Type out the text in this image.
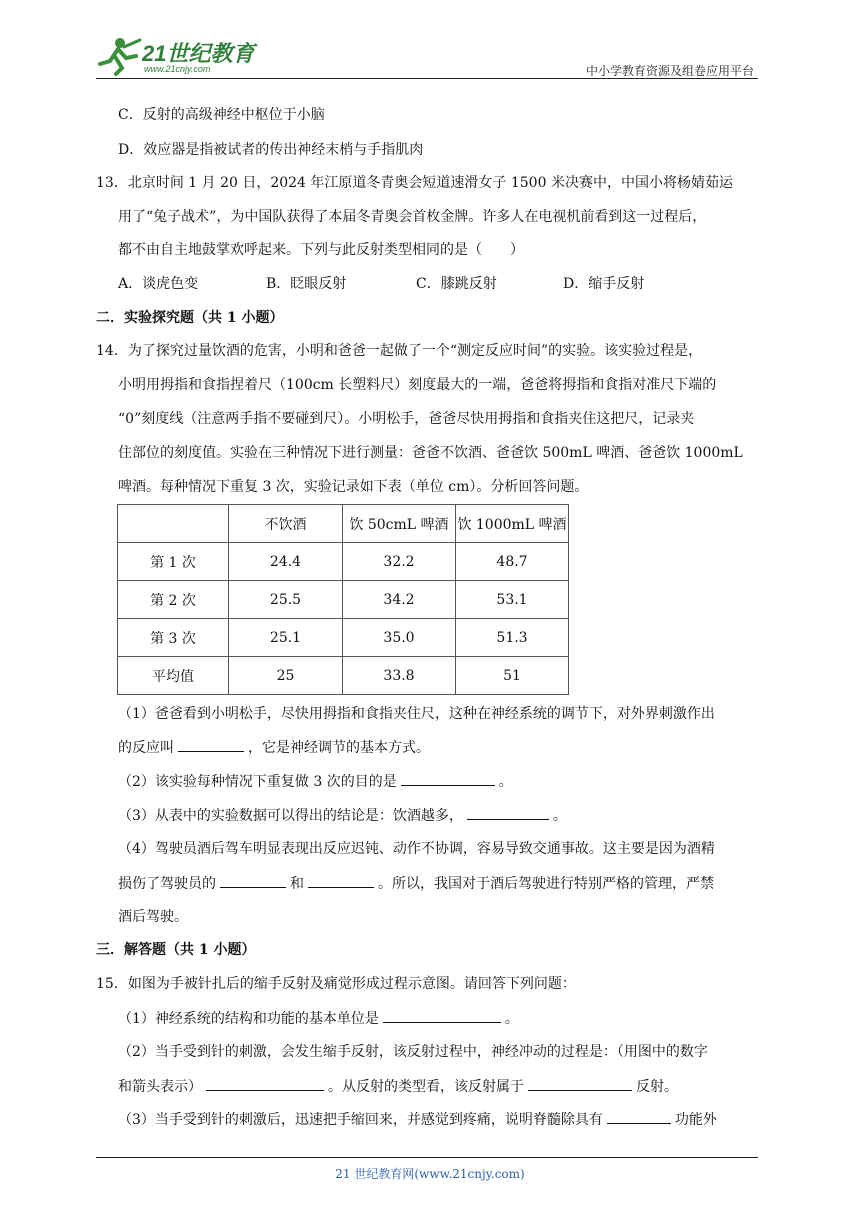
21世纪教育
www.21cnjy.com	中小学教育资源及组卷应用平台
C．反射的高级神经中枢位于小脑
D．效应器是指被试者的传出神经末梢与手指肌肉
13．北京时间 1 月 20 日，2024 年江原道冬青奥会短道速滑女子 1500 米决赛中，中国小将杨婧茹运
用了“兔子战术”，为中国队获得了本届冬青奥会首枚金牌。许多人在电视机前看到这一过程后，
都不由自主地鼓掌欢呼起来。下列与此反射类型相同的是（　　）
A．谈虎色变	B．眨眼反射	C．膝跳反射	D．缩手反射
二．实验探究题（共 1 小题）
14．为了探究过量饮酒的危害，小明和爸爸一起做了一个“测定反应时间”的实验。该实验过程是，
小明用拇指和食指捏着尺（100cm 长塑料尺）刻度最大的一端，爸爸将拇指和食指对准尺下端的
“0”刻度线（注意两手指不要碰到尺）。小明松手，爸爸尽快用拇指和食指夹住这把尺，记录夹
住部位的刻度值。实验在三种情况下进行测量：爸爸不饮酒、爸爸饮 500mL 啤酒、爸爸饮 1000mL
啤酒。每种情况下重复 3 次，实验记录如下表（单位 cm）。分析回答问题。
	不饮酒	饮 50cmL 啤酒	饮 1000mL 啤酒
第 1 次	24.4	32.2	48.7
第 2 次	25.5	34.2	53.1
第 3 次	25.1	35.0	51.3
平均值	25	33.8	51
（1）爸爸看到小明松手，尽快用拇指和食指夹住尺，这种在神经系统的调节下，对外界刺激作出
的反应叫	，它是神经调节的基本方式。
（2）该实验每种情况下重复做 3 次的目的是	。
（3）从表中的实验数据可以得出的结论是：饮酒越多，	。
（4）驾驶员酒后驾车明显表现出反应迟钝、动作不协调，容易导致交通事故。这主要是因为酒精
损伤了驾驶员的	和	。所以，我国对于酒后驾驶进行特别严格的管理，严禁
酒后驾驶。
三．解答题（共 1 小题）
15．如图为手被针扎后的缩手反射及痛觉形成过程示意图。请回答下列问题：
（1）神经系统的结构和功能的基本单位是	。
（2）当手受到针的刺激，会发生缩手反射，该反射过程中，神经冲动的过程是：（用图中的数字
和箭头表示）	。从反射的类型看，该反射属于	反射。
（3）当手受到针的刺激后，迅速把手缩回来，并感觉到疼痛，说明脊髓除具有	功能外
21 世纪教育网(www.21cnjy.com)
